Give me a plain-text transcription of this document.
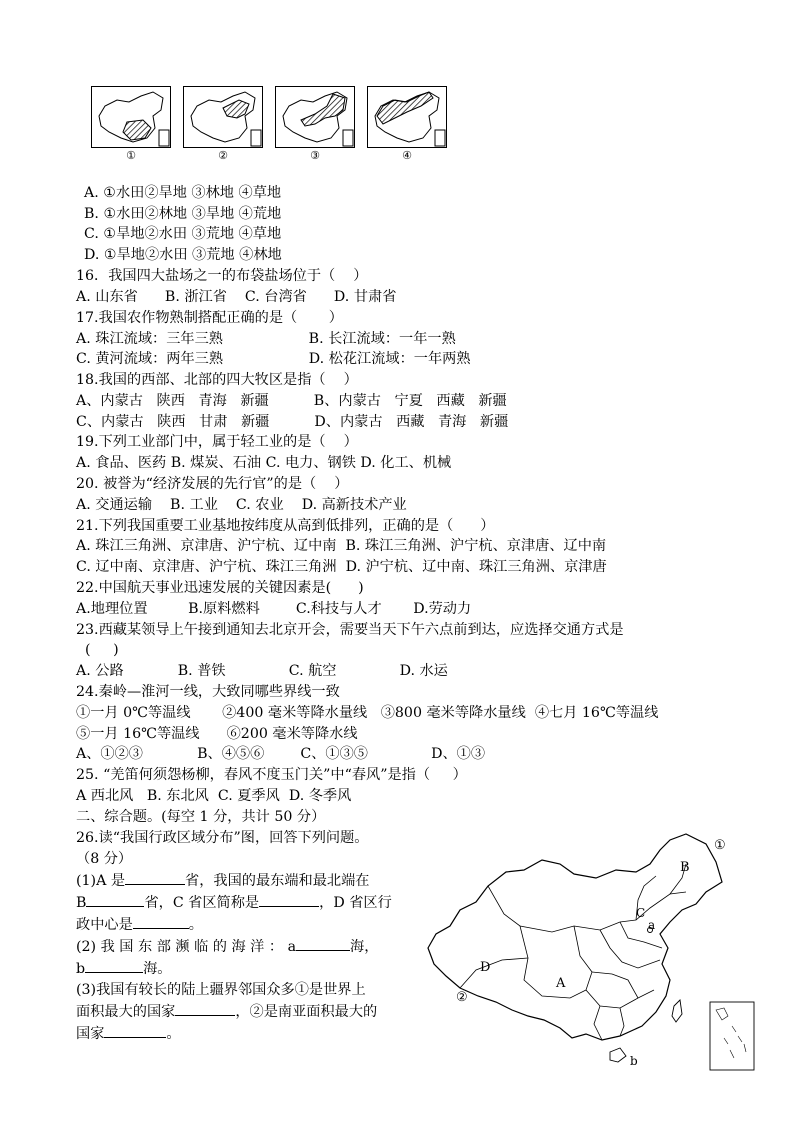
①	②	③	④
A. ①水田②旱地 ③林地 ④草地
B. ①水田②林地 ③旱地 ④荒地
C. ①旱地②水田 ③荒地 ④草地
D. ①旱地②水田 ③荒地 ④林地
16．我国四大盐场之一的布袋盐场位于（    ）
A. 山东省      B. 浙江省    C. 台湾省      D. 甘肃省
17.我国农作物熟制搭配正确的是（       ）
A. 珠江流域：三年三熟                   B. 长江流域：一年一熟
C. 黄河流域：两年三熟                   D. 松花江流域：一年两熟
18.我国的西部、北部的四大牧区是指（    ）
A、内蒙古   陕西   青海   新疆          B、内蒙古   宁夏   西藏   新疆
C、内蒙古   陕西   甘肃   新疆          D、内蒙古   西藏   青海   新疆
19.下列工业部门中，属于轻工业的是（    ）
A. 食品、医药 B. 煤炭、石油 C. 电力、钢铁 D. 化工、机械
20. 被誉为“经济发展的先行官”的是（    ）
A. 交通运输    B. 工业    C. 农业    D. 高新技术产业
21.下列我国重要工业基地按纬度从高到低排列，正确的是（      ）
A. 珠江三角洲、京津唐、沪宁杭、辽中南  B. 珠江三角洲、沪宁杭、京津唐、辽中南
C. 辽中南、京津唐、沪宁杭、珠江三角洲  D. 沪宁杭、辽中南、珠江三角洲、京津唐
22.中国航天事业迅速发展的关键因素是(      )
A.地理位置         B.原料燃料        C.科技与人才       D.劳动力
23.西藏某领导上午接到通知去北京开会，需要当天下午六点前到达，应选择交通方式是
(     )
A. 公路            B. 普铁              C. 航空              D. 水运
24.秦岭—淮河一线，大致同哪些界线一致
①一月 0℃等温线       ②400 毫米等降水量线   ③800 毫米等降水量线  ④七月 16℃等温线
⑤一月 16℃等温线      ⑥200 毫米等降水线
A、①②③            B、④⑤⑥        C、①③⑤              D、①③
25. “羌笛何须怨杨柳，春风不度玉门关”中“春风”是指（     ）
A 西北风   B. 东北风  C. 夏季风  D. 冬季风
二、综合题。(每空 1 分，共计 50 分）
26.读“我国行政区域分布”图，回答下列问题。
（8 分）
(1)A 是	省，我国的最东端和最北端在
B	省，C 省区简称是	，D 省区行
政中心是	。
(2) 我 国 东 部 濒 临 的 海 洋 ： a	海，
b	海。
(3)我国有较长的陆上疆界邻国众多①是世界上
面积最大的国家	，②是南亚面积最大的
国家	。
B
①
C
a
D
A
②
b
